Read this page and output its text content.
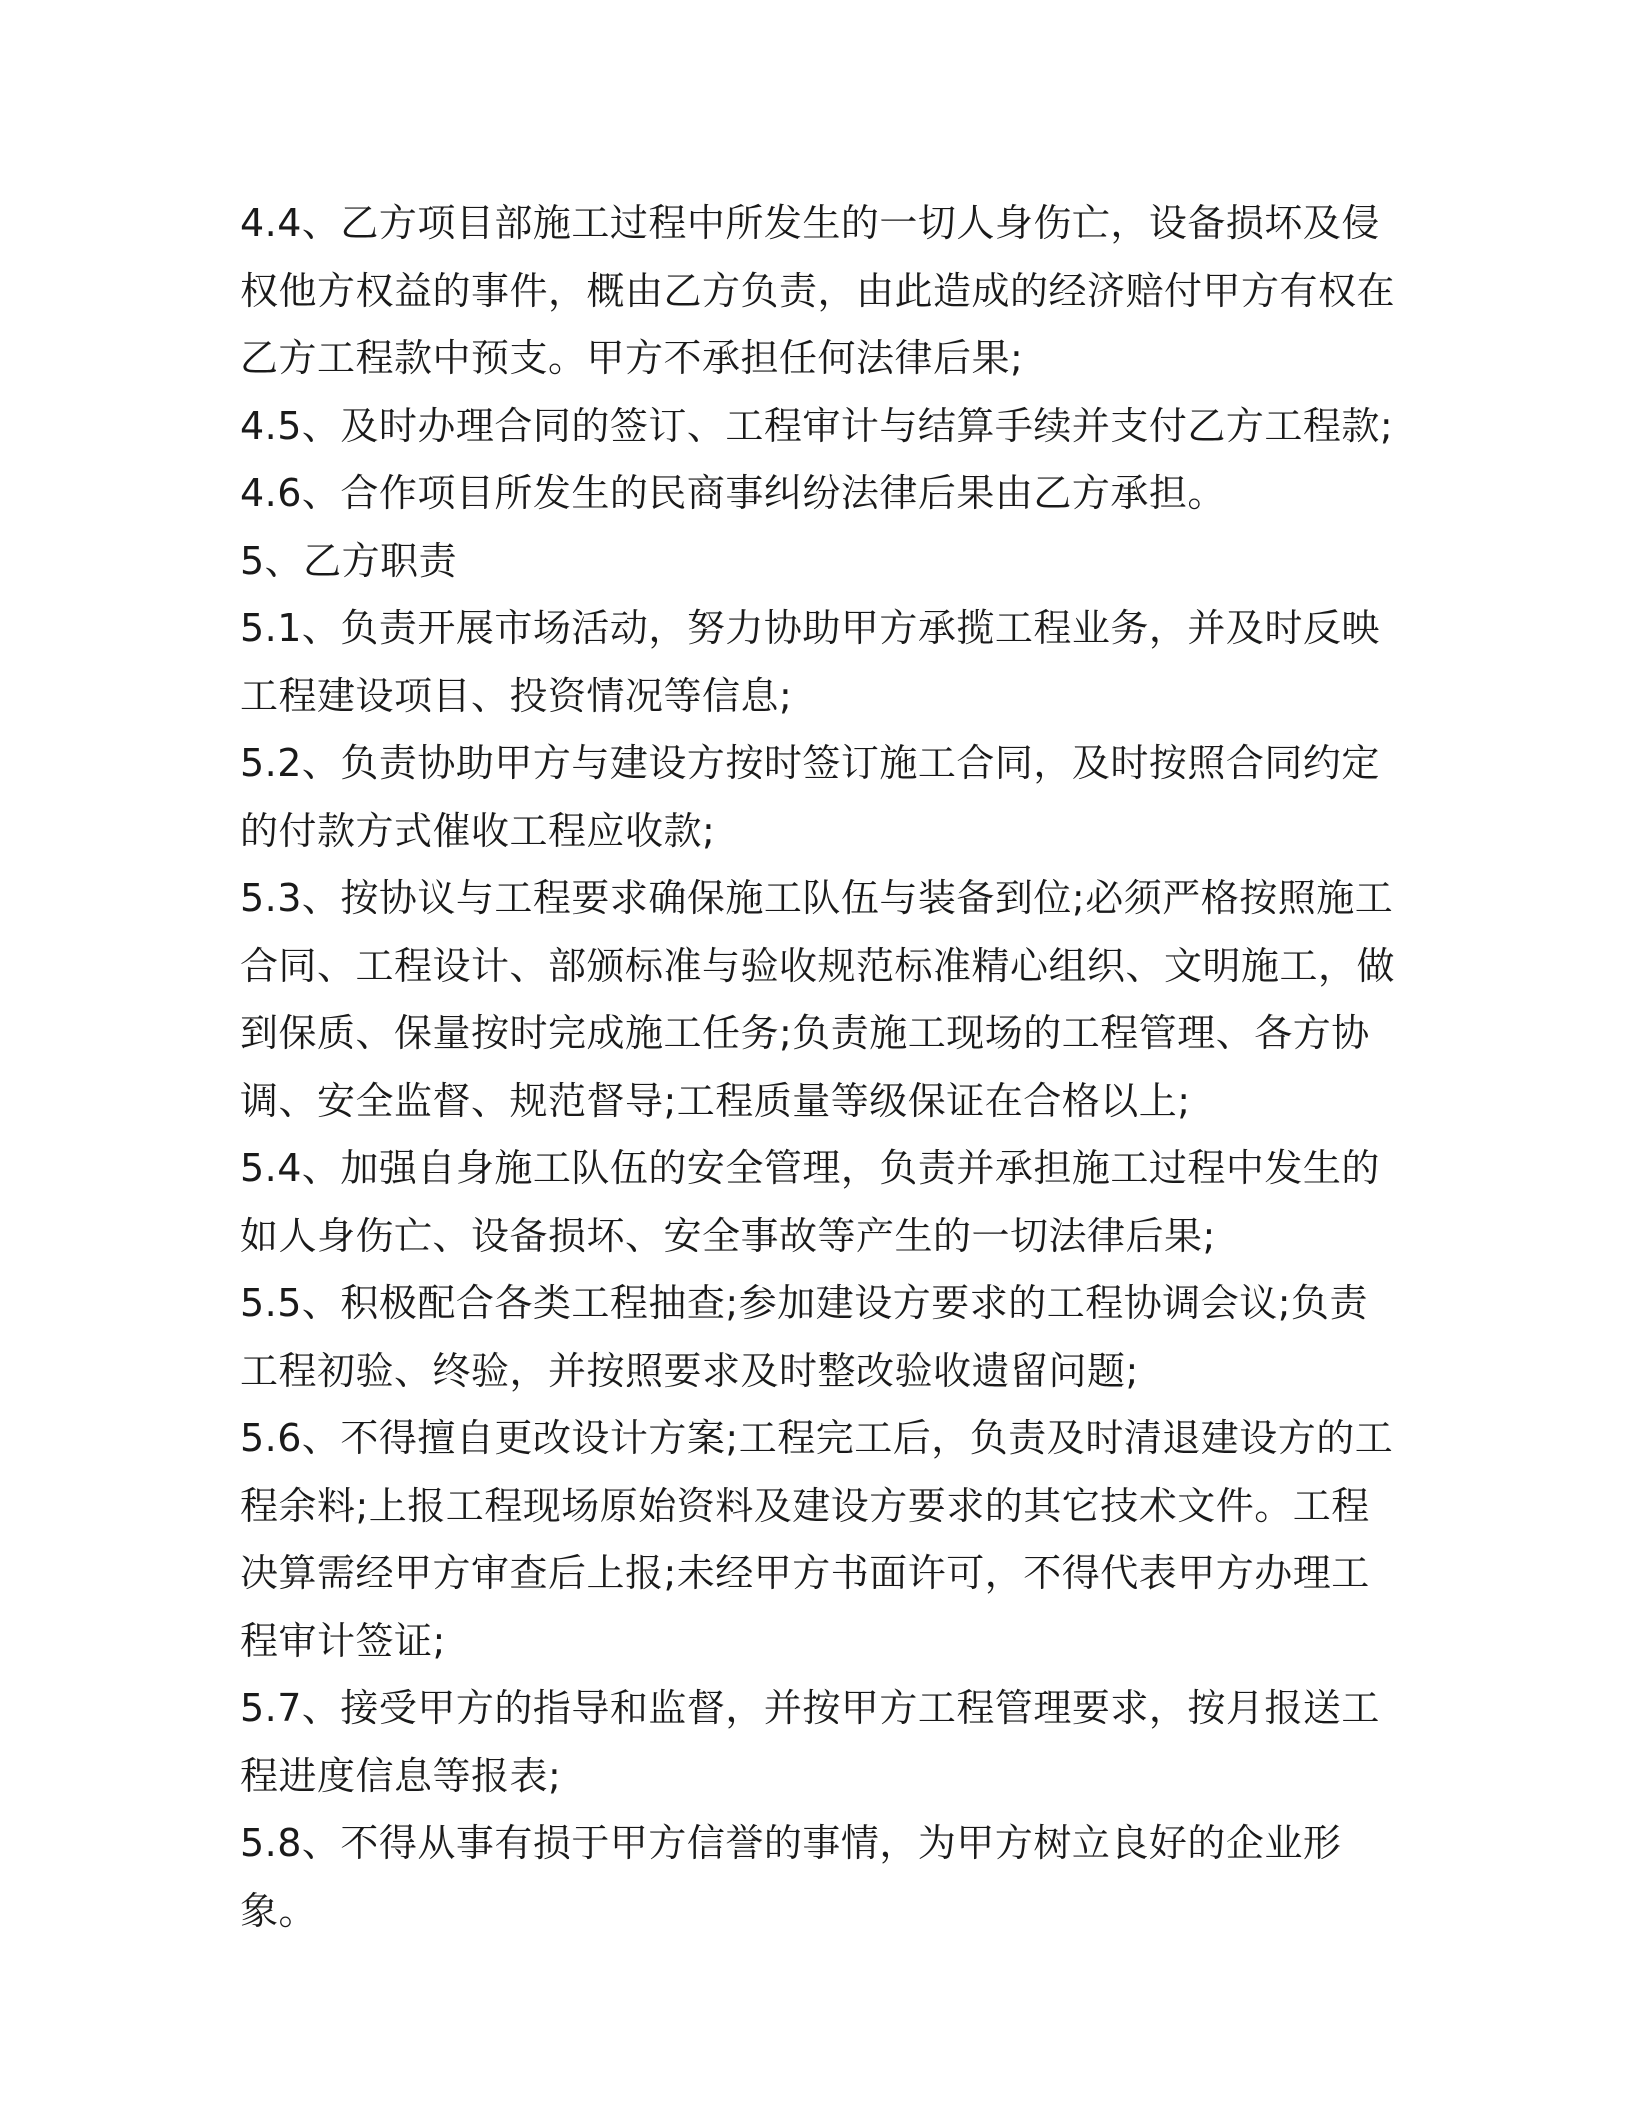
4.4、乙方项目部施工过程中所发生的一切人身伤亡，设备损坏及侵权他方权益的事件，概由乙方负责，由此造成的经济赔付甲方有权在乙方工程款中预支。甲方不承担任何法律后果;

4.5、及时办理合同的签订、工程审计与结算手续并支付乙方工程款;

4.6、合作项目所发生的民商事纠纷法律后果由乙方承担。

5、乙方职责

5.1、负责开展市场活动，努力协助甲方承揽工程业务，并及时反映工程建设项目、投资情况等信息;

5.2、负责协助甲方与建设方按时签订施工合同，及时按照合同约定的付款方式催收工程应收款;

5.3、按协议与工程要求确保施工队伍与装备到位;必须严格按照施工合同、工程设计、部颁标准与验收规范标准精心组织、文明施工，做到保质、保量按时完成施工任务;负责施工现场的工程管理、各方协调、安全监督、规范督导;工程质量等级保证在合格以上;

5.4、加强自身施工队伍的安全管理，负责并承担施工过程中发生的如人身伤亡、设备损坏、安全事故等产生的一切法律后果;

5.5、积极配合各类工程抽查;参加建设方要求的工程协调会议;负责工程初验、终验，并按照要求及时整改验收遗留问题;

5.6、不得擅自更改设计方案;工程完工后，负责及时清退建设方的工程余料;上报工程现场原始资料及建设方要求的其它技术文件。工程决算需经甲方审查后上报;未经甲方书面许可，不得代表甲方办理工程审计签证;

5.7、接受甲方的指导和监督，并按甲方工程管理要求，按月报送工程进度信息等报表;

5.8、不得从事有损于甲方信誉的事情，为甲方树立良好的企业形象。
